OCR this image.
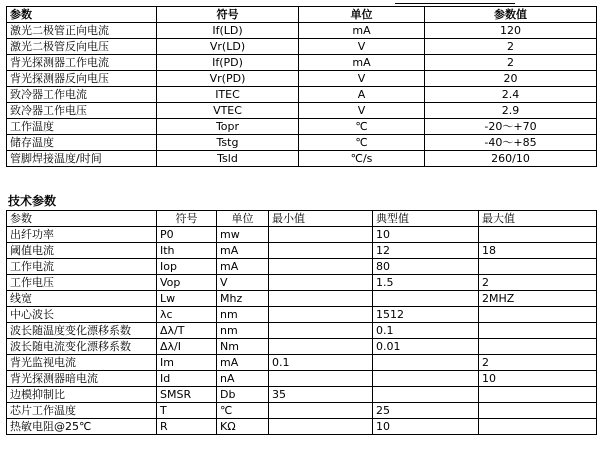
参数	符号	单位	参数值
激光二极管正向电流	If(LD)	mA	120
激光二极管反向电压	Vr(LD)	V	2
背光探测器工作电流	If(PD)	mA	2
背光探测器反向电压	Vr(PD)	V	20
致冷器工作电流	ITEC	A	2.4
致冷器工作电压	VTEC	V	2.9
工作温度	Topr	℃	-20～+70
储存温度	Tstg	℃	-40～+85
管脚焊接温度/时间	Tsld	℃/s	260/10
技术参数
参数	符号	单位	最小值	典型值	最大值
出纤功率	P0	mw		10	
阈值电流	Ith	mA		12	18
工作电流	Iop	mA		80	
工作电压	Vop	V		1.5	2
线宽	Lw	Mhz			2MHZ
中心波长	λc	nm		1512	
波长随温度变化漂移系数	Δλ/T	nm		0.1	
波长随电流变化漂移系数	Δλ/I	Nm		0.01	
背光监视电流	Im	mA	0.1		2
背光探测器暗电流	Id	nA			10
边模抑制比	SMSR	Db	35		
芯片工作温度	T	℃		25	
热敏电阻@25℃	R	KΩ		10	
